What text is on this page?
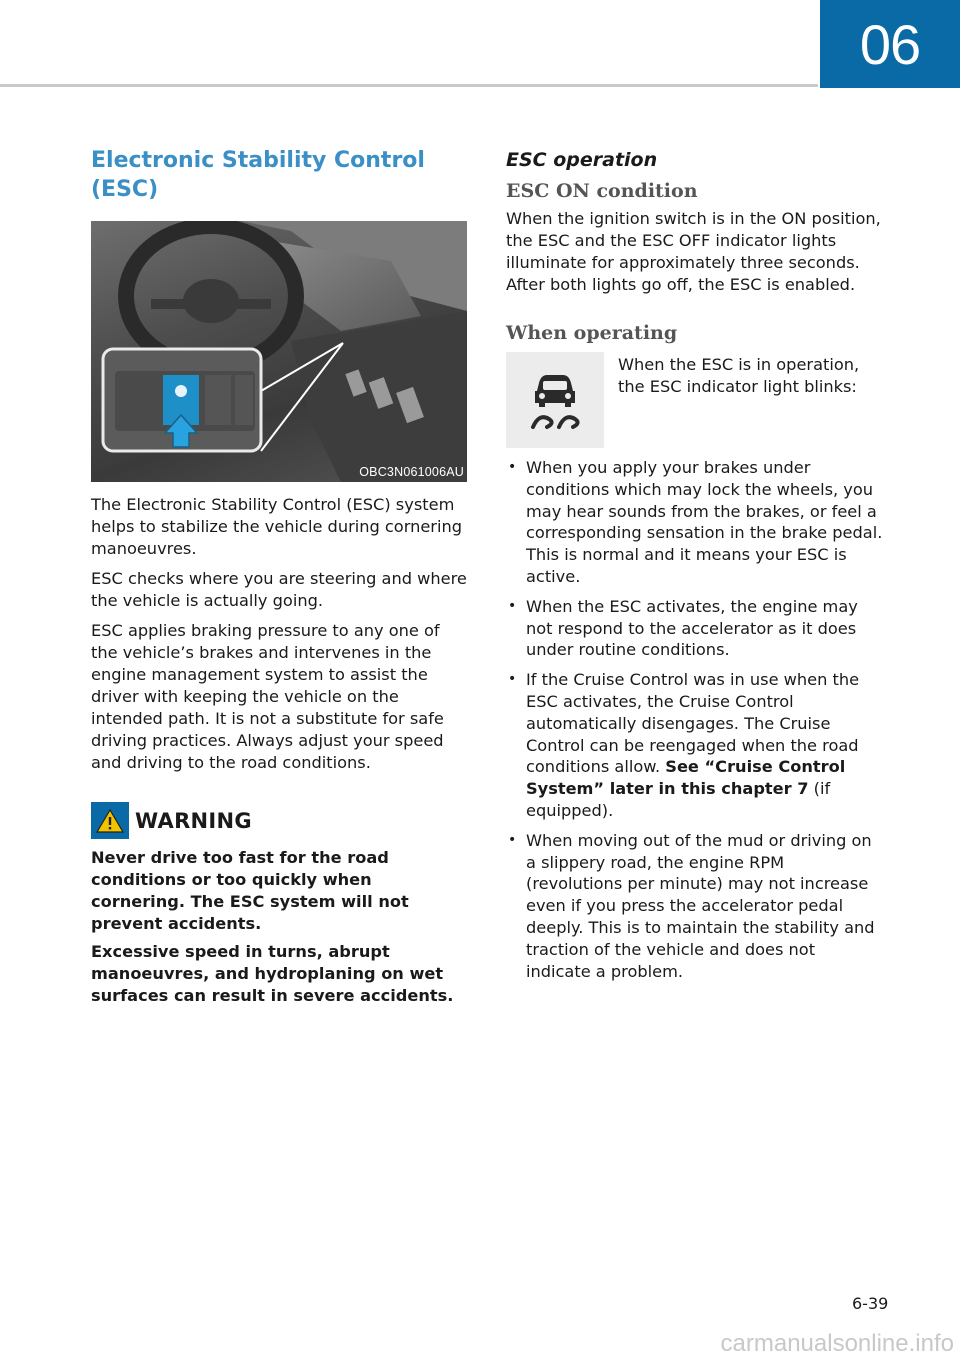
06
Electronic Stability Control (ESC)
OBC3N061006AU

The Electronic Stability Control (ESC) system helps to stabilize the vehicle during cornering manoeuvres.

ESC checks where you are steering and where the vehicle is actually going.

ESC applies braking pressure to any one of the vehicle’s brakes and intervenes in the engine management system to assist the driver with keeping the vehicle on the intended path. It is not a substitute for safe driving practices. Always adjust your speed and driving to the road conditions.

WARNING

Never drive too fast for the road conditions or too quickly when cornering. The ESC system will not prevent accidents.

Excessive speed in turns, abrupt manoeuvres, and hydroplaning on wet surfaces can result in severe accidents.

ESC operation
ESC ON condition

When the ignition switch is in the ON position, the ESC and the ESC OFF indicator lights illuminate for approximately three seconds. After both lights go off, the ESC is enabled.

When operating
When the ESC is in operation, the ESC indicator light blinks:
• When you apply your brakes under conditions which may lock the wheels, you may hear sounds from the brakes, or feel a corresponding sensation in the brake pedal. This is normal and it means your ESC is active.
• When the ESC activates, the engine may not respond to the accelerator as it does under routine conditions.
• If the Cruise Control was in use when the ESC activates, the Cruise Control automatically disengages. The Cruise Control can be reengaged when the road conditions allow. See “Cruise Control System” later in this chapter 7 (if equipped).
• When moving out of the mud or driving on a slippery road, the engine RPM (revolutions per minute) may not increase even if you press the accelerator pedal deeply. This is to maintain the stability and traction of the vehicle and does not indicate a problem.
6-39
carmanualsonline.info
